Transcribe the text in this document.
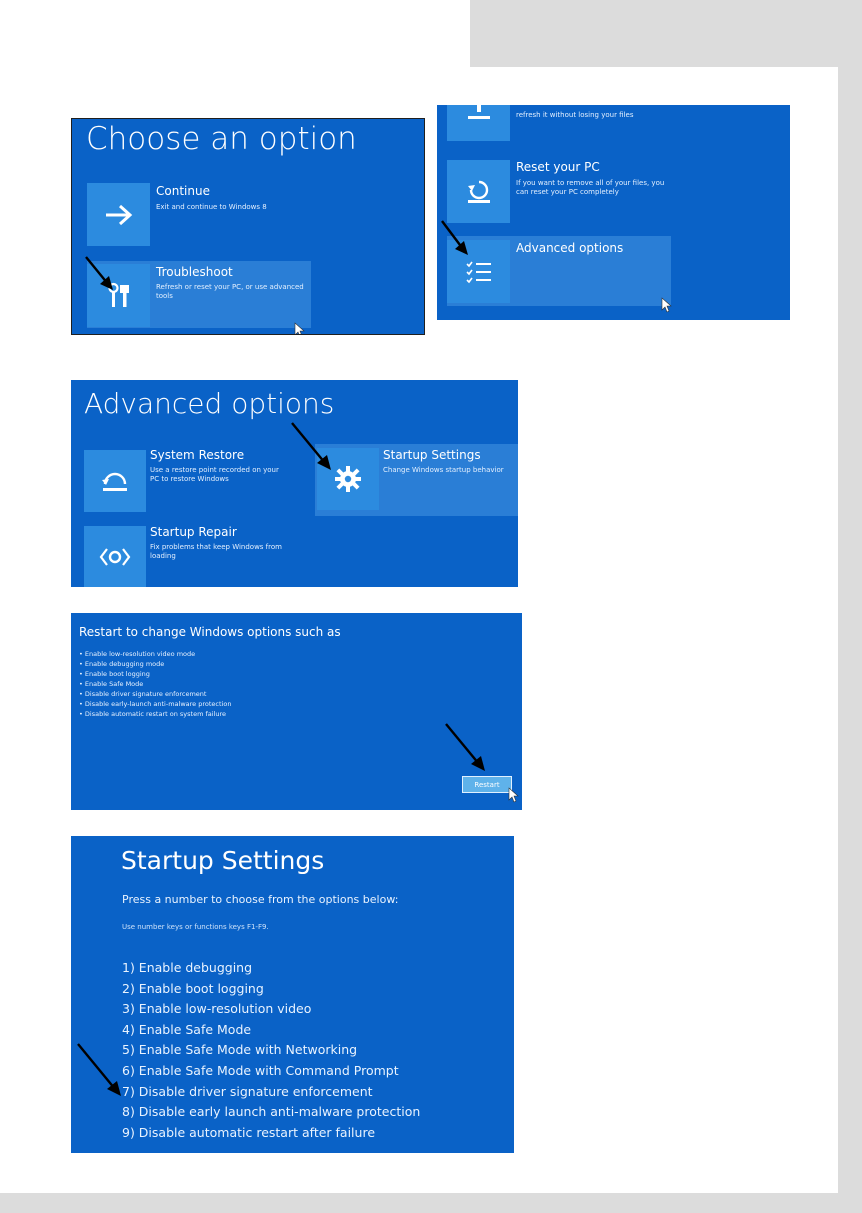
Choose an option
Continue
Exit and continue to Windows 8
Troubleshoot
Refresh or reset your PC, or use advanced tools
refresh it without losing your files
Reset your PC
If you want to remove all of your files, you can reset your PC completely
Advanced options
Advanced options
System Restore
Use a restore point recorded on your PC to restore Windows
Startup Settings
Change Windows startup behavior
Startup Repair
Fix problems that keep Windows from loading
Restart to change Windows options such as
• Enable low-resolution video mode
• Enable debugging mode
• Enable boot logging
• Enable Safe Mode
• Disable driver signature enforcement
• Disable early-launch anti-malware protection
• Disable automatic restart on system failure
Restart
Startup Settings
Press a number to choose from the options below:
Use number keys or functions keys F1-F9.
1) Enable debugging
2) Enable boot logging
3) Enable low-resolution video
4) Enable Safe Mode
5) Enable Safe Mode with Networking
6) Enable Safe Mode with Command Prompt
7) Disable driver signature enforcement
8) Disable early launch anti-malware protection
9) Disable automatic restart after failure
